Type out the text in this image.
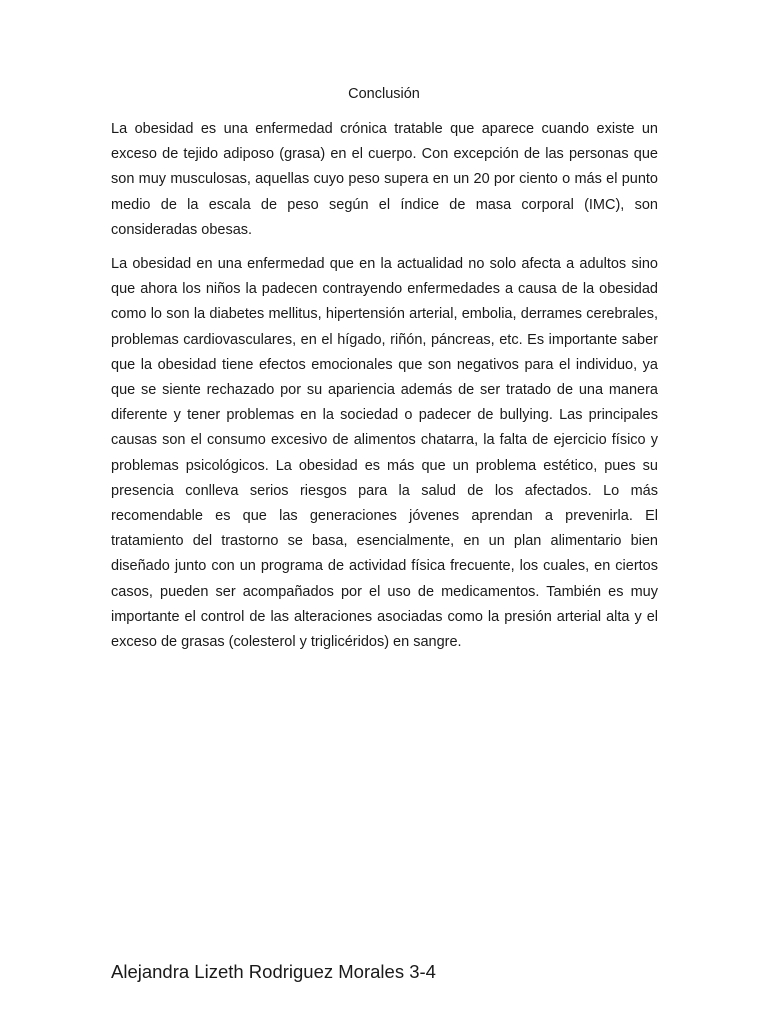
Conclusión

La obesidad es una enfermedad crónica tratable que aparece cuando existe un exceso de tejido adiposo (grasa) en el cuerpo. Con excepción de las personas que son muy musculosas, aquellas cuyo peso supera en un 20 por ciento o más el punto medio de la escala de peso según el índice de masa corporal (IMC), son consideradas obesas.

La obesidad en una enfermedad que en la actualidad no solo afecta a adultos sino que ahora los niños la padecen contrayendo enfermedades a causa de la obesidad como lo son la diabetes mellitus, hipertensión arterial, embolia, derrames cerebrales, problemas cardiovasculares, en el hígado, riñón, páncreas, etc. Es importante saber que la obesidad tiene efectos emocionales que son negativos para el individuo, ya que se siente rechazado por su apariencia además de ser tratado de una manera diferente y tener problemas en la sociedad o padecer de bullying. Las principales causas son el consumo excesivo de alimentos chatarra, la falta de ejercicio físico y problemas psicológicos. La obesidad es más que un problema estético, pues su presencia conlleva serios riesgos para la salud de los afectados. Lo más recomendable es que las generaciones jóvenes aprendan a prevenirla. El tratamiento del trastorno se basa, esencialmente, en un plan alimentario bien diseñado junto con un programa de actividad física frecuente, los cuales, en ciertos casos, pueden ser acompañados por el uso de medicamentos. También es muy importante el control de las alteraciones asociadas como la presión arterial alta y el exceso de grasas (colesterol y triglicéridos) en sangre.

Alejandra Lizeth Rodriguez Morales 3-4
